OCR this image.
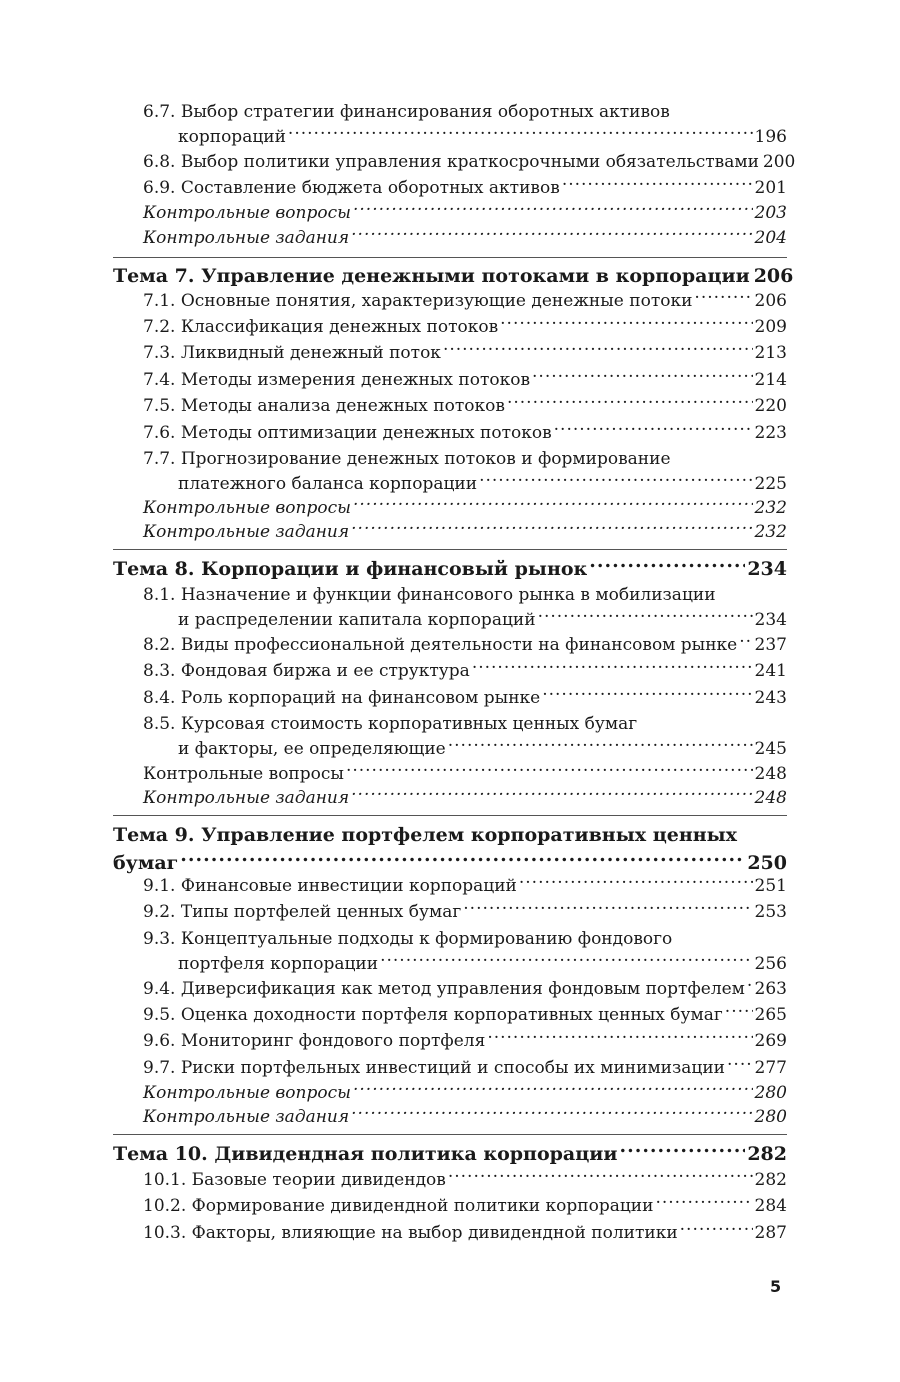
6.7. Выбор стратегии финансирования оборотных активов
корпораций .....	196
6.8. Выбор политики управления краткосрочными обязательствами 200
6.9. Составление бюджета оборотных активов .....	201
Контрольные вопросы .....	203
Контрольные задания .....	204
Тема 7. Управление денежными потоками в корпорации 206
7.1. Основные понятия, характеризующие денежные потоки .....	206
7.2. Классификация денежных потоков .....	209
7.3. Ликвидный денежный поток .....	213
7.4. Методы измерения денежных потоков .....	214
7.5. Методы анализа денежных потоков .....	220
7.6. Методы оптимизации денежных потоков .....	223
7.7. Прогнозирование денежных потоков и формирование
платежного баланса корпорации .....	225
Контрольные вопросы .....	232
Контрольные задания .....	232
Тема 8. Корпорации и финансовый рынок .....	234
8.1. Назначение и функции финансового рынка в мобилизации
и распределении капитала корпораций .....	234
8.2. Виды профессиональной деятельности на финансовом рынке ..... 237
8.3. Фондовая биржа и ее структура .....	241
8.4. Роль корпораций на финансовом рынке .....	243
8.5. Курсовая стоимость корпоративных ценных бумаг
и факторы, ее определяющие .....	245
Контрольные вопросы .....	248
Контрольные задания .....	248
Тема 9. Управление портфелем корпоративных ценных
бумаг .....	250
9.1. Финансовые инвестиции корпораций .....	251
9.2. Типы портфелей ценных бумаг .....	253
9.3. Концептуальные подходы к формированию фондового
портфеля корпорации .....	256
9.4. Диверсификация как метод управления фондовым портфелем ..... 263
9.5. Оценка доходности портфеля корпоративных ценных бумаг ..... 265
9.6. Мониторинг фондового портфеля .....	269
9.7. Риски портфельных инвестиций и способы их минимизации ..... 277
Контрольные вопросы .....	280
Контрольные задания .....	280
Тема 10. Дивидендная политика корпорации .....	282
10.1. Базовые теории дивидендов .....	282
10.2. Формирование дивидендной политики корпорации .....	284
10.3. Факторы, влияющие на выбор дивидендной политики .....	287
5
